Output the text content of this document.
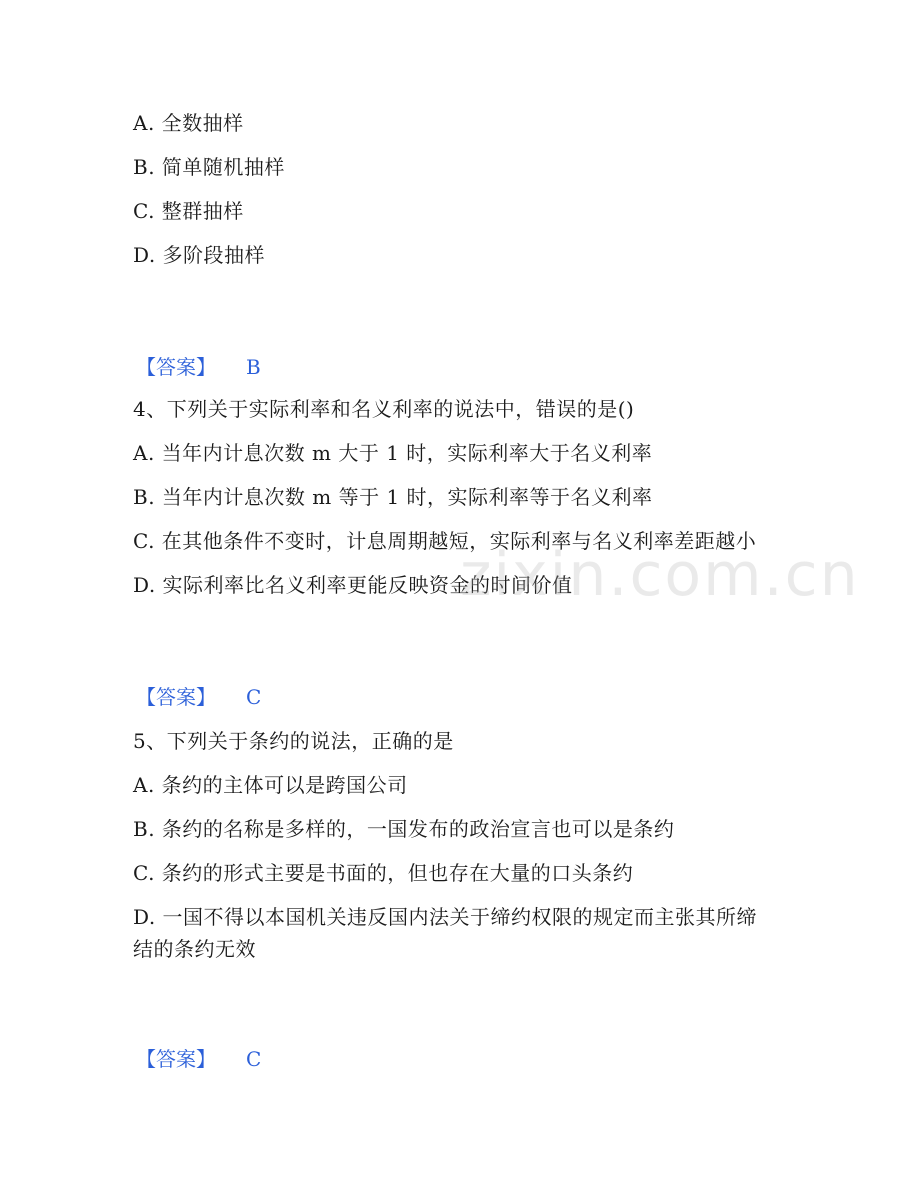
A. 全数抽样
B. 简单随机抽样
C. 整群抽样
D. 多阶段抽样
【答案】 B
4、下列关于实际利率和名义利率的说法中，错误的是()
A. 当年内计息次数 m 大于 1 时，实际利率大于名义利率
B. 当年内计息次数 m 等于 1 时，实际利率等于名义利率
C. 在其他条件不变时，计息周期越短，实际利率与名义利率差距越小
D. 实际利率比名义利率更能反映资金的时间价值
【答案】 C
5、下列关于条约的说法，正确的是
A. 条约的主体可以是跨国公司
B. 条约的名称是多样的，一国发布的政治宣言也可以是条约
C. 条约的形式主要是书面的，但也存在大量的口头条约
D. 一国不得以本国机关违反国内法关于缔约权限的规定而主张其所缔
结的条约无效
【答案】 C
zixin.com.cn
